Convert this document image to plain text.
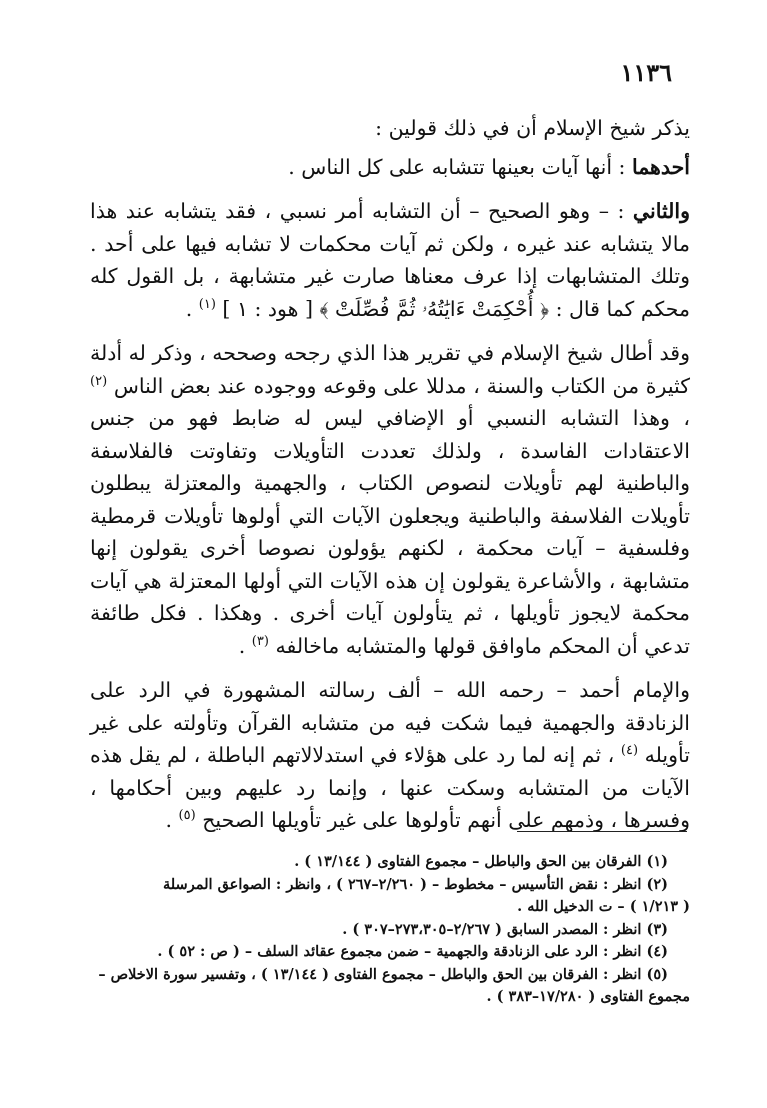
١١٣٦

يذكر شيخ الإسلام أن في ذلك قولين :

أحدهما : أنها آيات بعينها تتشابه على كل الناس .

والثاني : – وهو الصحيح – أن التشابه أمر نسبي ، فقد يتشابه عند هذا مالا يتشابه عند غيره ، ولكن ثم آيات محكمات لا تشابه فيها على أحد . وتلك المتشابهات إذا عرف معناها صارت غير متشابهة ، بل القول كله محكم كما قال : ﴿ أُحْكِمَتْ ءَايَٰتُهُۥ ثُمَّ فُصِّلَتْ ﴾ [ هود : ١ ] $^{(١)}$ .

وقد أطال شيخ الإسلام في تقرير هذا الذي رجحه وصححه ، وذكر له أدلة كثيرة من الكتاب والسنة ، مدللا على وقوعه ووجوده عند بعض الناس $^{(٢)}$ ، وهذا التشابه النسبي أو الإضافي ليس له ضابط فهو من جنس الاعتقادات الفاسدة ، ولذلك تعددت التأويلات وتفاوتت فالفلاسفة والباطنية لهم تأويلات لنصوص الكتاب ، والجهمية والمعتزلة يبطلون تأويلات الفلاسفة والباطنية ويجعلون الآيات التي أولوها تأويلات قرمطية وفلسفية – آيات محكمة ، لكنهم يؤولون نصوصا أخرى يقولون إنها متشابهة ، والأشاعرة يقولون إن هذه الآيات التي أولها المعتزلة هي آيات محكمة لايجوز تأويلها ، ثم يتأولون آيات أخرى . وهكذا . فكل طائفة تدعي أن المحكم ماوافق قولها والمتشابه ماخالفه $^{(٣)}$ .

والإمام أحمد – رحمه الله – ألف رسالته المشهورة في الرد على الزنادقة والجهمية فيما شكت فيه من متشابه القرآن وتأولته على غير تأويله $^{(٤)}$ ، ثم إنه لما رد على هؤلاء في استدلالاتهم الباطلة ، لم يقل هذه الآيات من المتشابه وسكت عنها ، وإنما رد عليهم وبين أحكامها ، وفسرها ، وذمهم على أنهم تأولوها على غير تأويلها الصحيح $^{(٥)}$ .

(١) الفرقان بين الحق والباطل – مجموع الفتاوى ( ١٣/١٤٤ ) .

(٢) انظر : نقض التأسيس – مخطوط – ( ٢/٢٦٠–٢٦٧ ) ، وانظر : الصواعق المرسلة

( ١/٢١٣ ) – ت الدخيل الله .

(٣) انظر : المصدر السابق ( ٢/٢٦٧–٢٧٣،٣٠٥–٣٠٧ ) .

(٤) انظر : الرد على الزنادقة والجهمية – ضمن مجموع عقائد السلف – ( ص : ٥٢ ) .

(٥) انظر : الفرقان بين الحق والباطل – مجموع الفتاوى ( ١٣/١٤٤ ) ، وتفسير سورة الاخلاص –

مجموع الفتاوى ( ١٧/٢٨٠–٣٨٣ ) .
